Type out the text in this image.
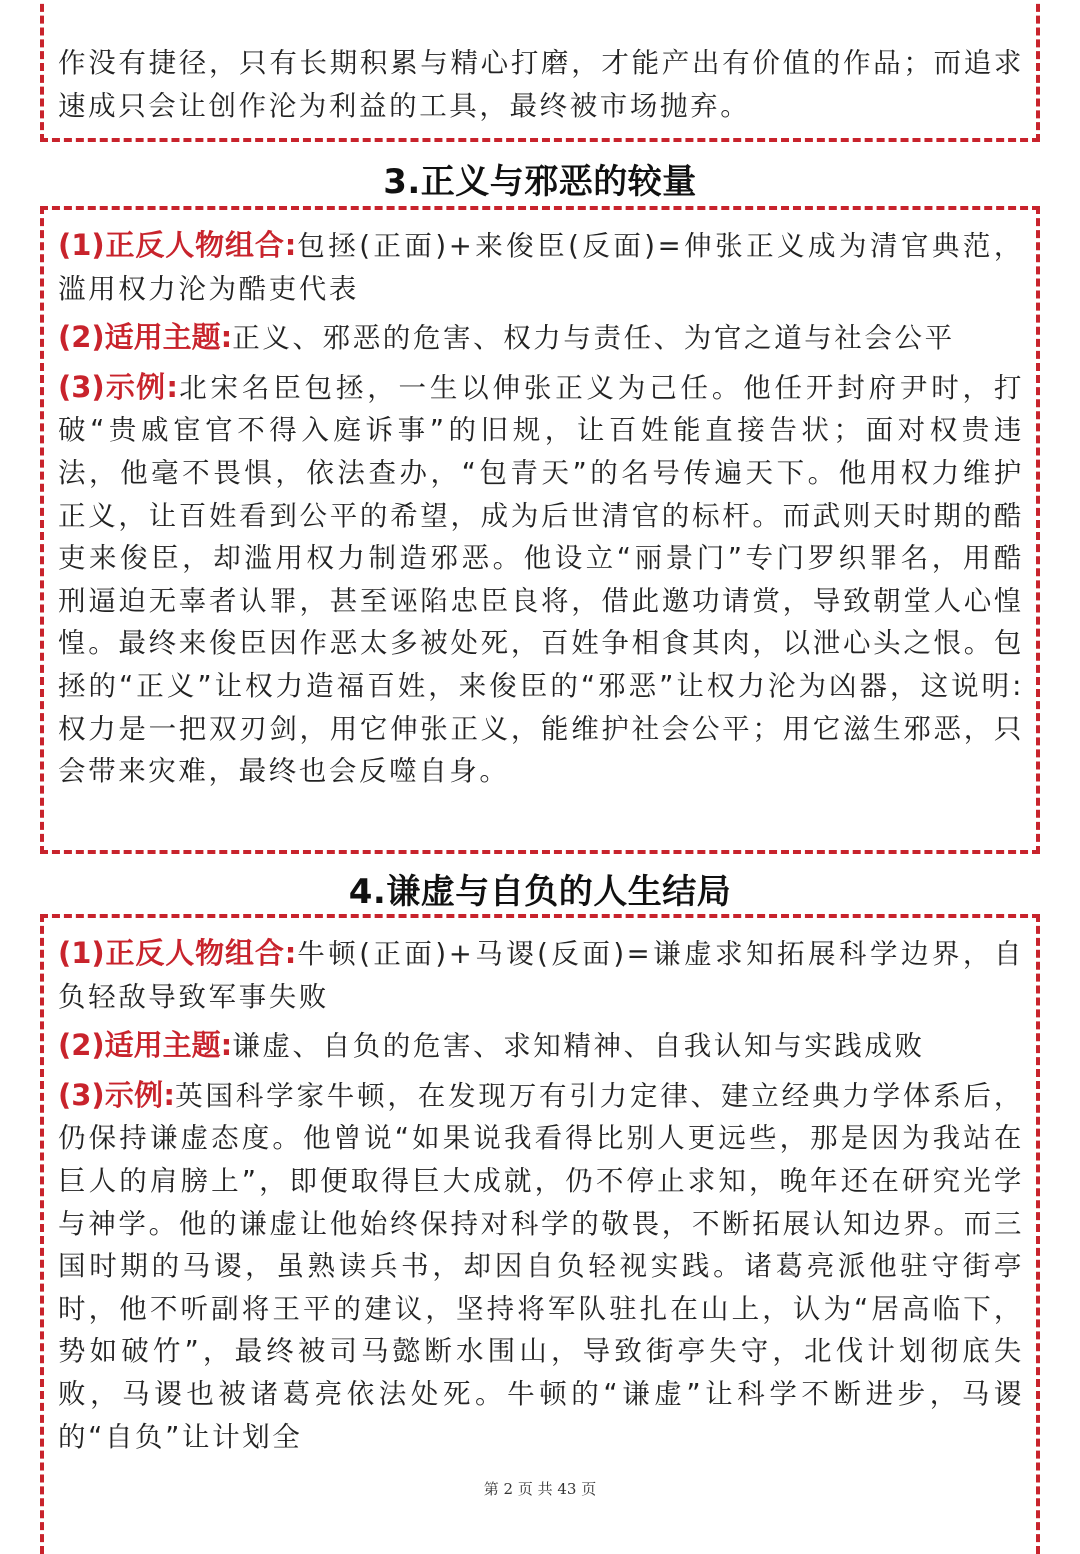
作没有捷径，只有长期积累与精心打磨，才能产出有价值的作品；而追求速成只会让创作沦为利益的工具，最终被市场抛弃。

3.正义与邪恶的较量

(1)正反人物组合:包拯(正面)+来俊臣(反面)=伸张正义成为清官典范，滥用权力沦为酷吏代表

(2)适用主题:正义、邪恶的危害、权力与责任、为官之道与社会公平

(3)示例:北宋名臣包拯，一生以伸张正义为己任。他任开封府尹时，打破“贵戚宦官不得入庭诉事”的旧规，让百姓能直接告状；面对权贵违法，他毫不畏惧，依法查办，“包青天”的名号传遍天下。他用权力维护正义，让百姓看到公平的希望，成为后世清官的标杆。而武则天时期的酷吏来俊臣，却滥用权力制造邪恶。他设立“丽景门”专门罗织罪名，用酷刑逼迫无辜者认罪，甚至诬陷忠臣良将，借此邀功请赏，导致朝堂人心惶惶。最终来俊臣因作恶太多被处死，百姓争相食其肉，以泄心头之恨。包拯的“正义”让权力造福百姓，来俊臣的“邪恶”让权力沦为凶器，这说明:权力是一把双刃剑，用它伸张正义，能维护社会公平；用它滋生邪恶，只会带来灾难，最终也会反噬自身。

4.谦虚与自负的人生结局

(1)正反人物组合:牛顿(正面)+马谡(反面)=谦虚求知拓展科学边界，自负轻敌导致军事失败

(2)适用主题:谦虚、自负的危害、求知精神、自我认知与实践成败

(3)示例:英国科学家牛顿，在发现万有引力定律、建立经典力学体系后，仍保持谦虚态度。他曾说“如果说我看得比别人更远些，那是因为我站在巨人的肩膀上”，即便取得巨大成就，仍不停止求知，晚年还在研究光学与神学。他的谦虚让他始终保持对科学的敬畏，不断拓展认知边界。而三国时期的马谡，虽熟读兵书，却因自负轻视实践。诸葛亮派他驻守街亭时，他不听副将王平的建议，坚持将军队驻扎在山上，认为“居高临下，势如破竹”，最终被司马懿断水围山，导致街亭失守，北伐计划彻底失败，马谡也被诸葛亮依法处死。牛顿的“谦虚”让科学不断进步，马谡的“自负”让计划全

第 2 页 共 43 页
